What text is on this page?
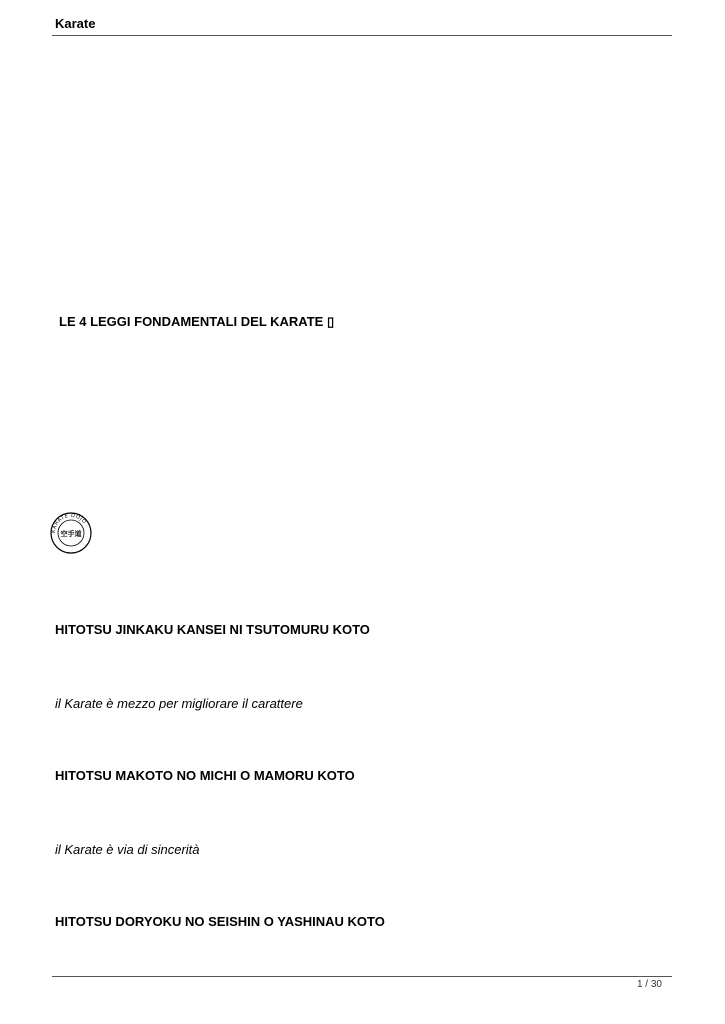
Karate
LE 4 LEGGI FONDAMENTALI DEL KARATE ▯
KARATE DOJO
空手道
HITOTSU JINKAKU KANSEI NI TSUTOMURU KOTO
il Karate è mezzo per migliorare il carattere
HITOTSU MAKOTO NO MICHI O MAMORU KOTO
il Karate è via di sincerità
HITOTSU DORYOKU NO SEISHIN O YASHINAU KOTO
1 / 30
